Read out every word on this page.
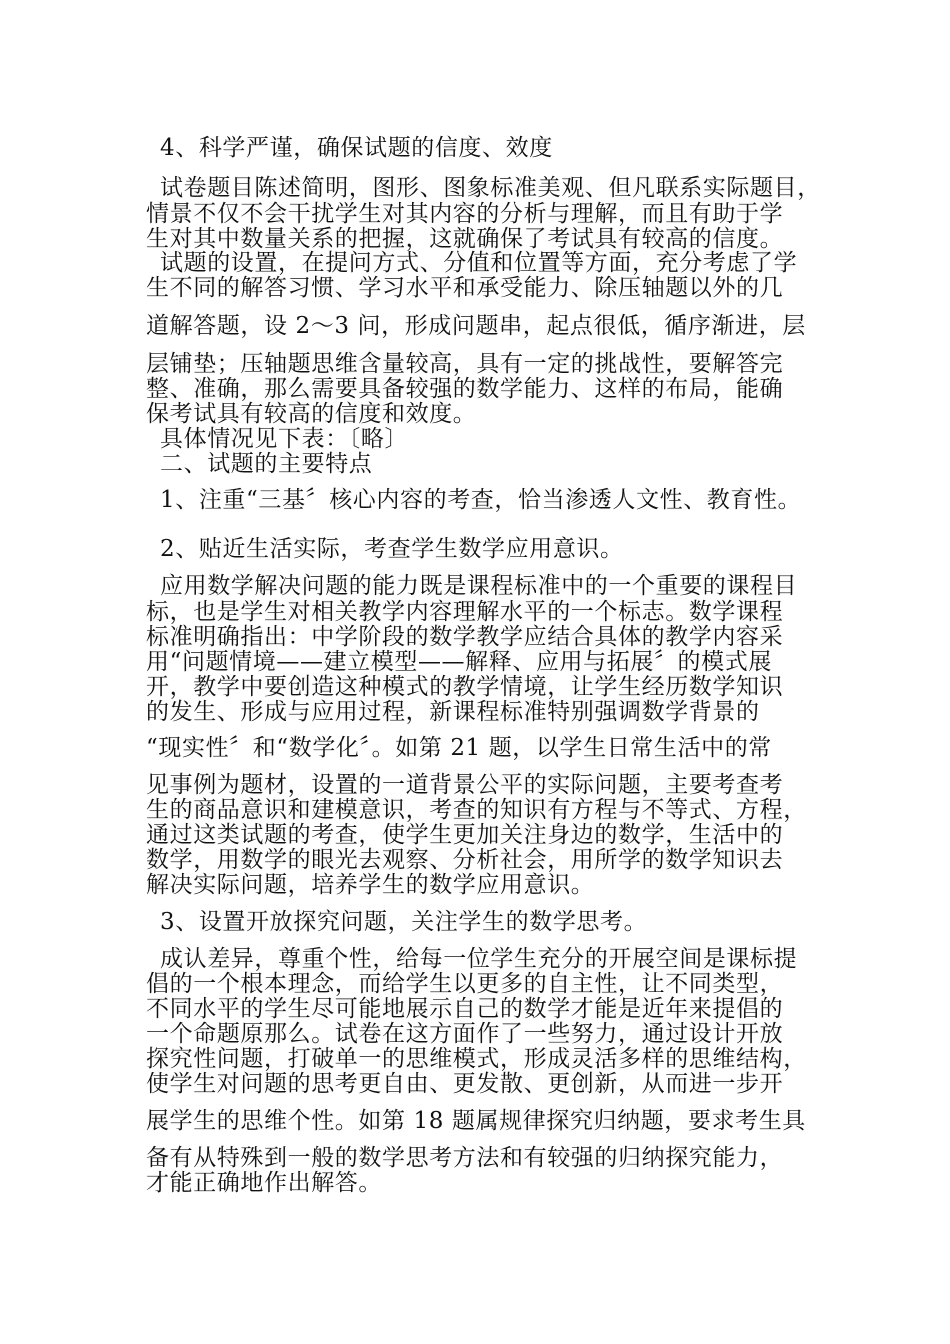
4、科学严谨，确保试题的信度、效度
试卷题目陈述简明，图形、图象标准美观、但凡联系实际题目，
情景不仅不会干扰学生对其内容的分析与理解，而且有助于学
生对其中数量关系的把握，这就确保了考试具有较高的信度。
试题的设置，在提问方式、分值和位置等方面，充分考虑了学
生不同的解答习惯、学习水平和承受能力、除压轴题以外的几
道解答题，设 2～3 问，形成问题串，起点很低，循序渐进，层
层铺垫；压轴题思维含量较高，具有一定的挑战性，要解答完
整、准确，那么需要具备较强的数学能力、这样的布局，能确
保考试具有较高的信度和效度。
具体情况见下表：〔略〕
二、试题的主要特点
1、注重“三基〞核心内容的考查，恰当渗透人文性、教育性。
2、贴近生活实际，考查学生数学应用意识。
应用数学解决问题的能力既是课程标准中的一个重要的课程目
标，也是学生对相关教学内容理解水平的一个标志。数学课程
标准明确指出：中学阶段的数学教学应结合具体的教学内容采
用“问题情境——建立模型——解释、应用与拓展〞的模式展
开，教学中要创造这种模式的教学情境，让学生经历数学知识
的发生、形成与应用过程，新课程标准特别强调数学背景的
“现实性〞和“数学化〞。如第 21 题，以学生日常生活中的常
见事例为题材，设置的一道背景公平的实际问题，主要考查考
生的商品意识和建模意识，考查的知识有方程与不等式、方程，
通过这类试题的考查，使学生更加关注身边的数学，生活中的
数学，用数学的眼光去观察、分析社会，用所学的数学知识去
解决实际问题，培养学生的数学应用意识。
3、设置开放探究问题，关注学生的数学思考。
成认差异，尊重个性，给每一位学生充分的开展空间是课标提
倡的一个根本理念，而给学生以更多的自主性，让不同类型，
不同水平的学生尽可能地展示自己的数学才能是近年来提倡的
一个命题原那么。试卷在这方面作了一些努力，通过设计开放
探究性问题，打破单一的思维模式，形成灵活多样的思维结构，
使学生对问题的思考更自由、更发散、更创新，从而进一步开
展学生的思维个性。如第 18 题属规律探究归纳题，要求考生具
备有从特殊到一般的数学思考方法和有较强的归纳探究能力，
才能正确地作出解答。
